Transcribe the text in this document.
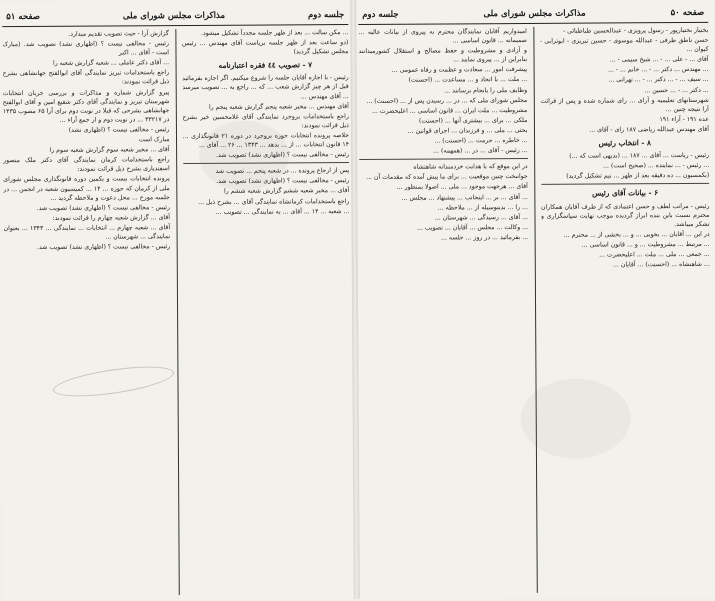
جلسه دوم
مذاکرات مجلس شورای ملی
صفحه ۵۱

... مکن سالت ... بعد از ظهر جلسه مجدداً تشکیل میشود.

(دو ساعت بعد از ظهر جلسه بریاست آقای مهندس ... رئیس مجلس تشکیل گردید)

۷ - تصویب ٤٤ فقره اعتبارنامه

رئیس - با اجازه آقایان جلسه را شروع میکنیم. اگر اجازه بفرمائید قبل از هر چیز گزارش شعب ... که ... راجع به ... تصویب میرسد ... آقای مهندس ...

آقای مهندس ... مخبر شعبه پنجم گزارش شعبه پنجم را

راجع باستخدامات بروجرد نمایندگی آقای غلامحسین خیر بشرح ذیل قرائت نمودند:

خلاصه پرونده انتخابات حوزه بروجرد در دوره ۲۱ قانونگذاری ... ۱۴ قانون انتخابات ... از ... بدهد ... ۱۳۴۳ ... ۲۶ ... آقای ...

رئیس - مخالفی نیست ؟ (اظهاری نشد) تصویب شد.

پس از ارجاع پرونده ... در شعبه پنجم ... تصویب شد

رئیس - مخالفی نیست ؟ (اظهاری نشد) تصویب شد.

آقای ... مخبر شعبه ششم گزارش شعبه ششم را

راجع باستخدامات کرمانشاه نمایندگی آقای ... بشرح ذیل ...

... شعبه ... ۱۴ ... آقای ... به نمایندگی ... تصویب ...

گزارش آرا - حیث تصویب تقدیم میدارد.

رئیس - مخالفی نیست ؟ (اظهاری نشد) تصویب شد. (مبارک است - آقای ... اکبر

... آقای دکتر عاملی ... شعبه گزارش شعبه را

راجع باستخدامات تبریز نمایندگی آقای ابوالفتح جهانشاهی بشرح ذیل قرائت نمودند:

پیرو گزارش شماره و مذاکرات و بررسی جریان انتخابات شهرستان تبریز و نمایندگی آقای دکتر شفیع امین و آقای ابوالفتح جهانشاهی بشرحی که قبلا در نوبت دوم برای آرا ۶۵ مصوب ۱۴۳۵ در ۳۳۲۱۷ ... در نوبت دوم و از جمع آراء ...

رئیس - مخالفی نیست ؟ (اظهاری نشد)

مبارک است

آقای ... مخبر شعبه سوم گزارش شعبه سوم را

راجع باستخدامات کرمان نمایندگی آقای دکتر ملک منصور اسفندیاری بشرح ذیل قرائت نمودند:

پرونده انتخابات بیست و یکمین دوره قانونگذاری مجلس شورای ملی از کرمان که حوزه ... ۱۴ ... کمیسیون شعبه در انجمن ... در جلسه مورخ ... محل دعوت و ملاحظه گردید ...

رئیس - مخالفی نیست ؟ (اظهاری نشد) تصویب شد.

آقای ... گزارش شعبه چهارم را قرائت نمودند:

آقای ... شعبه چهارم ... انتخابات ... نمایندگی ... ۱۳۴۳ ... بعنوان نمایندگی ... شهرستان ...

رئیس - مخالفی نیست ؟ (اظهاری نشد) تصویب شد.

صفحه ۵۰
مذاکرات مجلس شورای ملی
جلسه دوم

بختیار بختیارپور - رسول پرویزی - عبدالحسین طباطبائی -

حسن ناطق ظرفی - عبدالله موسوی - حسین تبریزی - ابوترابی - کیوان ...

آقای ... - علی ... - ... شیخ سیمی - ...

... مهندس ... دکتر ... - ... خانم ... - ...

... سیف ... - ... دکتر ... - ... تهرانی ...

... دکتر ... - ... حسین ...

شهرستانهای تعلیمیه و آرای ... رای شماره شده و پس از قرائت آرا نتیجه چنین ...

عده ۱۹۱ - آراء ۱۹۱

آقای مهندس عبدالله ریاضی ۱۸۷ رای - آقای ...

۸ - انتخاب رئیس

رئیس - ریاست ... آقای ... ۱۸۷ ... (بدیهی است که ...)

... رئیس - ... نماینده ... (صحیح است) ...

(بکمسیون ... ده دقیقه بعد از ظهر ... نیم تشکیل گردید)

۶ - بیانات آقای رئیس

رئیس - مراتب لطف و حسن اعتمادی که از طرف آقایان همکاران محترم نسبت باین بنده ابراز گردیده موجب نهایت سپاسگزاری و تشکر میباشد.

در این ... آقایان ... بخوبی ... و ... بخشی از ... محترم ...

... مرتبط ... مشروطیت ... و ... قانون اساسی ...

... جمعی ... ملی ... ملت ... اعلیحضرت ...

... شاهنشاه ... (احسنت) ... آقایان ...

امیدواریم آقایان نمایندگان محترم به پیروی از بیانات عالیه ... صمیمانه ... قانون اساسی ...

و آزادی و مشروطیت و حفظ مصالح و استقلال کشورمیدانند بنابراین از ... پیروی نمایند ...

پیشرفت امور ... سعادت و عظمت و رفاه عمومی ...

... ملت ... با اتحاد و ... مساعدت ... (احسنت)

وظایف ملی را بانجام برسانند ...

مجلس شورای ملی که ... در ... رسیدن پس از ... (احسنت) ...

مشروطیت ... ملت ایران ... قانون اساسی ... اعلیحضرت ...

ملکی ... برای ... بیشتری آنها ... (احسنت)

بحثی ... ملی ... و فرزندان ... اجرای قوانین ...

... خاطره ... حرمت ... (احسنت) ...

... رئیس - آقای ... در ... (همهمه) ...

در این موقع که با هدایت خردمندانه شاهنشاه

جوانبخت چنین موقعیت ... برای ما پیش آمده که مقدمات آن ...

آقای ... هرجهت موجود ... ملی ... اصولا بمنظور ...

... آقای ... بر ... اینجانب ... پیشنهاد ... مجلس ...

... را ... بدینوسیله از ... ملاحظه ...

... آقای ... رسیدگی ... شهرستان ...

... وکالت ... مجلس ... آقایان ... تصویب ...

... بفرمائید ... در روز ... جلسه ...
